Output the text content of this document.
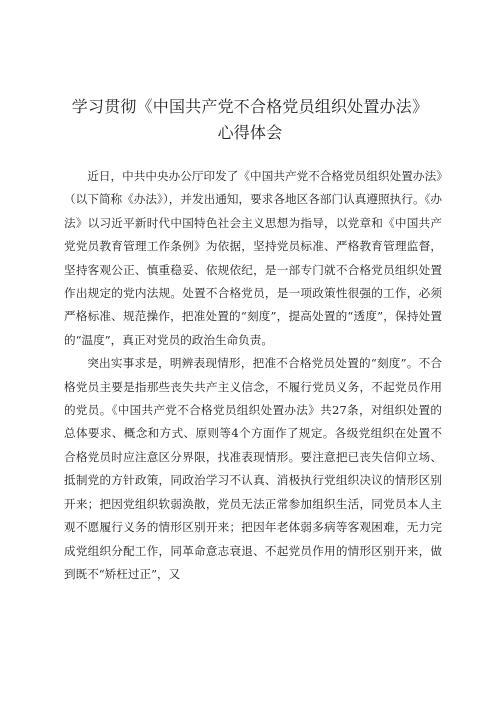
学习贯彻《中国共产党不合格党员组织处置办法》心得体会

近日，中共中央办公厅印发了《中国共产党不合格党员组织处置办法》（以下简称《办法》），并发出通知，要求各地区各部门认真遵照执行。《办法》以习近平新时代中国特色社会主义思想为指导，以党章和《中国共产党党员教育管理工作条例》为依据，坚持党员标准、严格教育管理监督，坚持客观公正、慎重稳妥、依规依纪，是一部专门就不合格党员组织处置作出规定的党内法规。处置不合格党员，是一项政策性很强的工作，必须严格标准、规范操作，把准处置的“刻度”，提高处置的“透度”，保持处置的“温度”，真正对党员的政治生命负责。

突出实事求是，明辨表现情形，把准不合格党员处置的“刻度”。不合格党员主要是指那些丧失共产主义信念，不履行党员义务，不起党员作用的党员。《中国共产党不合格党员组织处置办法》共27条，对组织处置的总体要求、概念和方式、原则等4个方面作了规定。各级党组织在处置不合格党员时应注意区分界限，找准表现情形。要注意把已丧失信仰立场、抵制党的方针政策，同政治学习不认真、消极执行党组织决议的情形区别开来；把因党组织软弱涣散，党员无法正常参加组织生活，同党员本人主观不愿履行义务的情形区别开来；把因年老体弱多病等客观困难，无力完成党组织分配工作，同革命意志衰退、不起党员作用的情形区别开来，做到既不“矫枉过正”，又
